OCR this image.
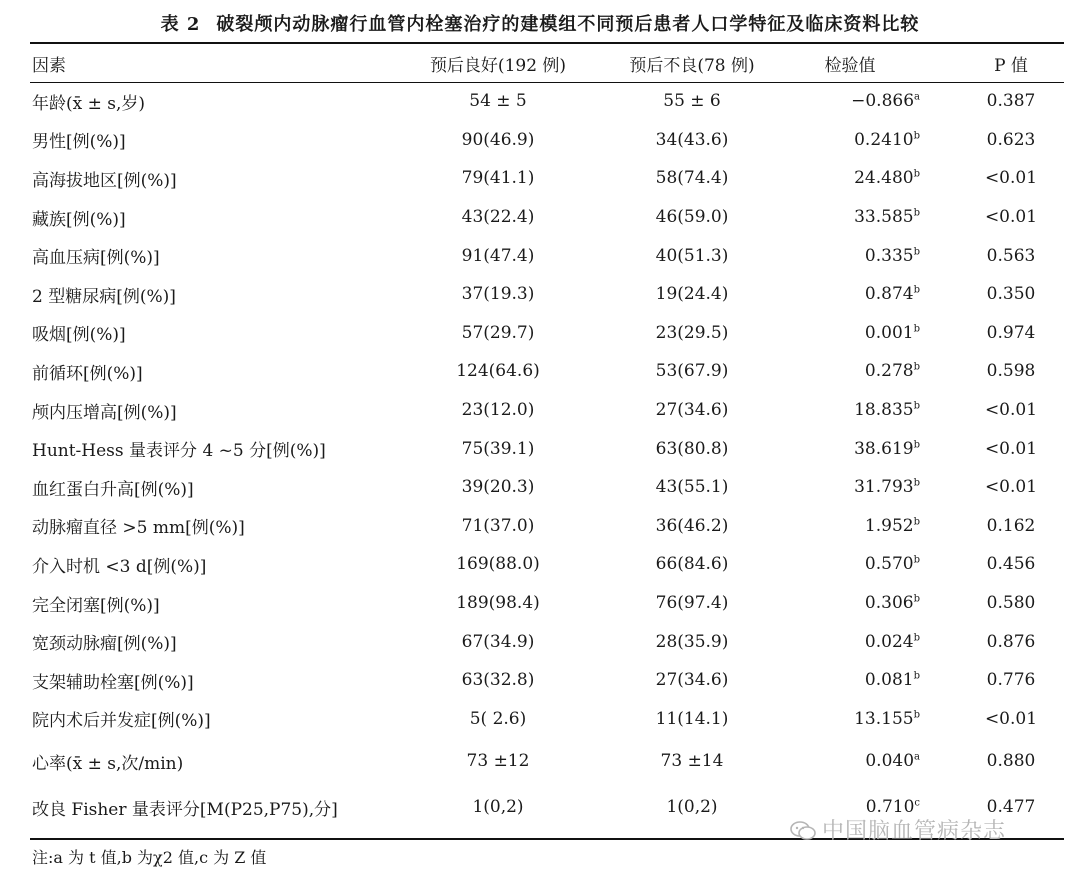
表 2 破裂颅内动脉瘤行血管内栓塞治疗的建模组不同预后患者人口学特征及临床资料比较
因素	预后良好(192 例)	预后不良(78 例)	检验值	P 值
年龄(x̄ ± s,岁)	54 ± 5	55 ± 6	−0.866$^a$	0.387
男性[例(%)]	90(46.9)	34(43.6)	0.2410$^b$	0.623
高海拔地区[例(%)]	79(41.1)	58(74.4)	24.480$^b$	<0.01
藏族[例(%)]	43(22.4)	46(59.0)	33.585$^b$	<0.01
高血压病[例(%)]	91(47.4)	40(51.3)	0.335$^b$	0.563
2 型糖尿病[例(%)]	37(19.3)	19(24.4)	0.874$^b$	0.350
吸烟[例(%)]	57(29.7)	23(29.5)	0.001$^b$	0.974
前循环[例(%)]	124(64.6)	53(67.9)	0.278$^b$	0.598
颅内压增高[例(%)]	23(12.0)	27(34.6)	18.835$^b$	<0.01
Hunt-Hess 量表评分 4 ~5 分[例(%)]	75(39.1)	63(80.8)	38.619$^b$	<0.01
血红蛋白升高[例(%)]	39(20.3)	43(55.1)	31.793$^b$	<0.01
动脉瘤直径 >5 mm[例(%)]	71(37.0)	36(46.2)	1.952$^b$	0.162
介入时机 <3 d[例(%)]	169(88.0)	66(84.6)	0.570$^b$	0.456
完全闭塞[例(%)]	189(98.4)	76(97.4)	0.306$^b$	0.580
宽颈动脉瘤[例(%)]	67(34.9)	28(35.9)	0.024$^b$	0.876
支架辅助栓塞[例(%)]	63(32.8)	27(34.6)	0.081$^b$	0.776
院内术后并发症[例(%)]	5( 2.6)	11(14.1)	13.155$^b$	<0.01
心率(x̄ ± s,次/min)	73 ±12	73 ±14	0.040$^a$	0.880
改良 Fisher 量表评分[M(P25,P75),分]	1(0,2)	1(0,2)	0.710$^c$	0.477
注:a 为 t 值,b 为χ2 值,c 为 Z 值
中国脑血管病杂志
